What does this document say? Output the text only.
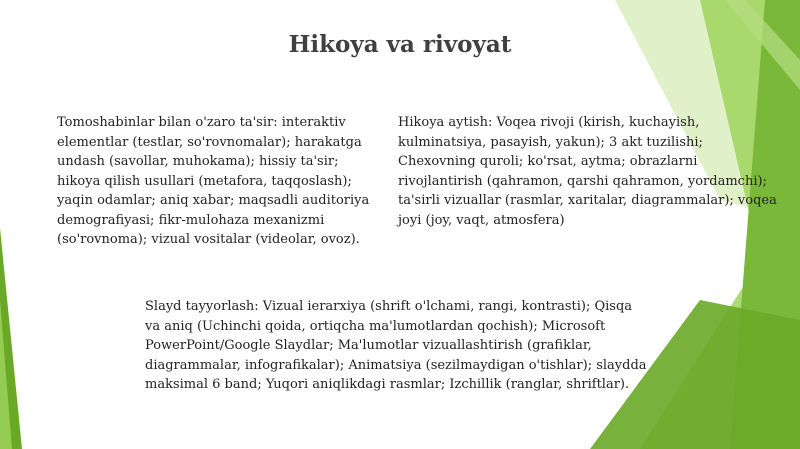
Hikoya va rivoyat

Tomoshabinlar bilan o'zaro ta'sir: interaktiv elementlar (testlar, so'rovnomalar); harakatga undash (savollar, muhokama); hissiy ta'sir; hikoya qilish usullari (metafora, taqqoslash); yaqin odamlar; aniq xabar; maqsadli auditoriya demografiyasi; fikr-mulohaza mexanizmi (so'rovnoma); vizual vositalar (videolar, ovoz).

Hikoya aytish: Voqea rivoji (kirish, kuchayish, kulminatsiya, pasayish, yakun); 3 akt tuzilishi; Chexovning quroli; ko'rsat, aytma; obrazlarni rivojlantirish (qahramon, qarshi qahramon, yordamchi); ta'sirli vizuallar (rasmlar, xaritalar, diagrammalar); voqea joyi (joy, vaqt, atmosfera)

Slayd tayyorlash: Vizual ierarxiya (shrift o'lchami, rangi, kontrasti); Qisqa va aniq (Uchinchi qoida, ortiqcha ma'lumotlardan qochish); Microsoft PowerPoint/Google Slaydlar; Ma'lumotlar vizuallashtirish (grafiklar, diagrammalar, infografikalar); Animatsiya (sezilmaydigan o'tishlar); slaydda maksimal 6 band; Yuqori aniqlikdagi rasmlar; Izchillik (ranglar, shriftlar).
